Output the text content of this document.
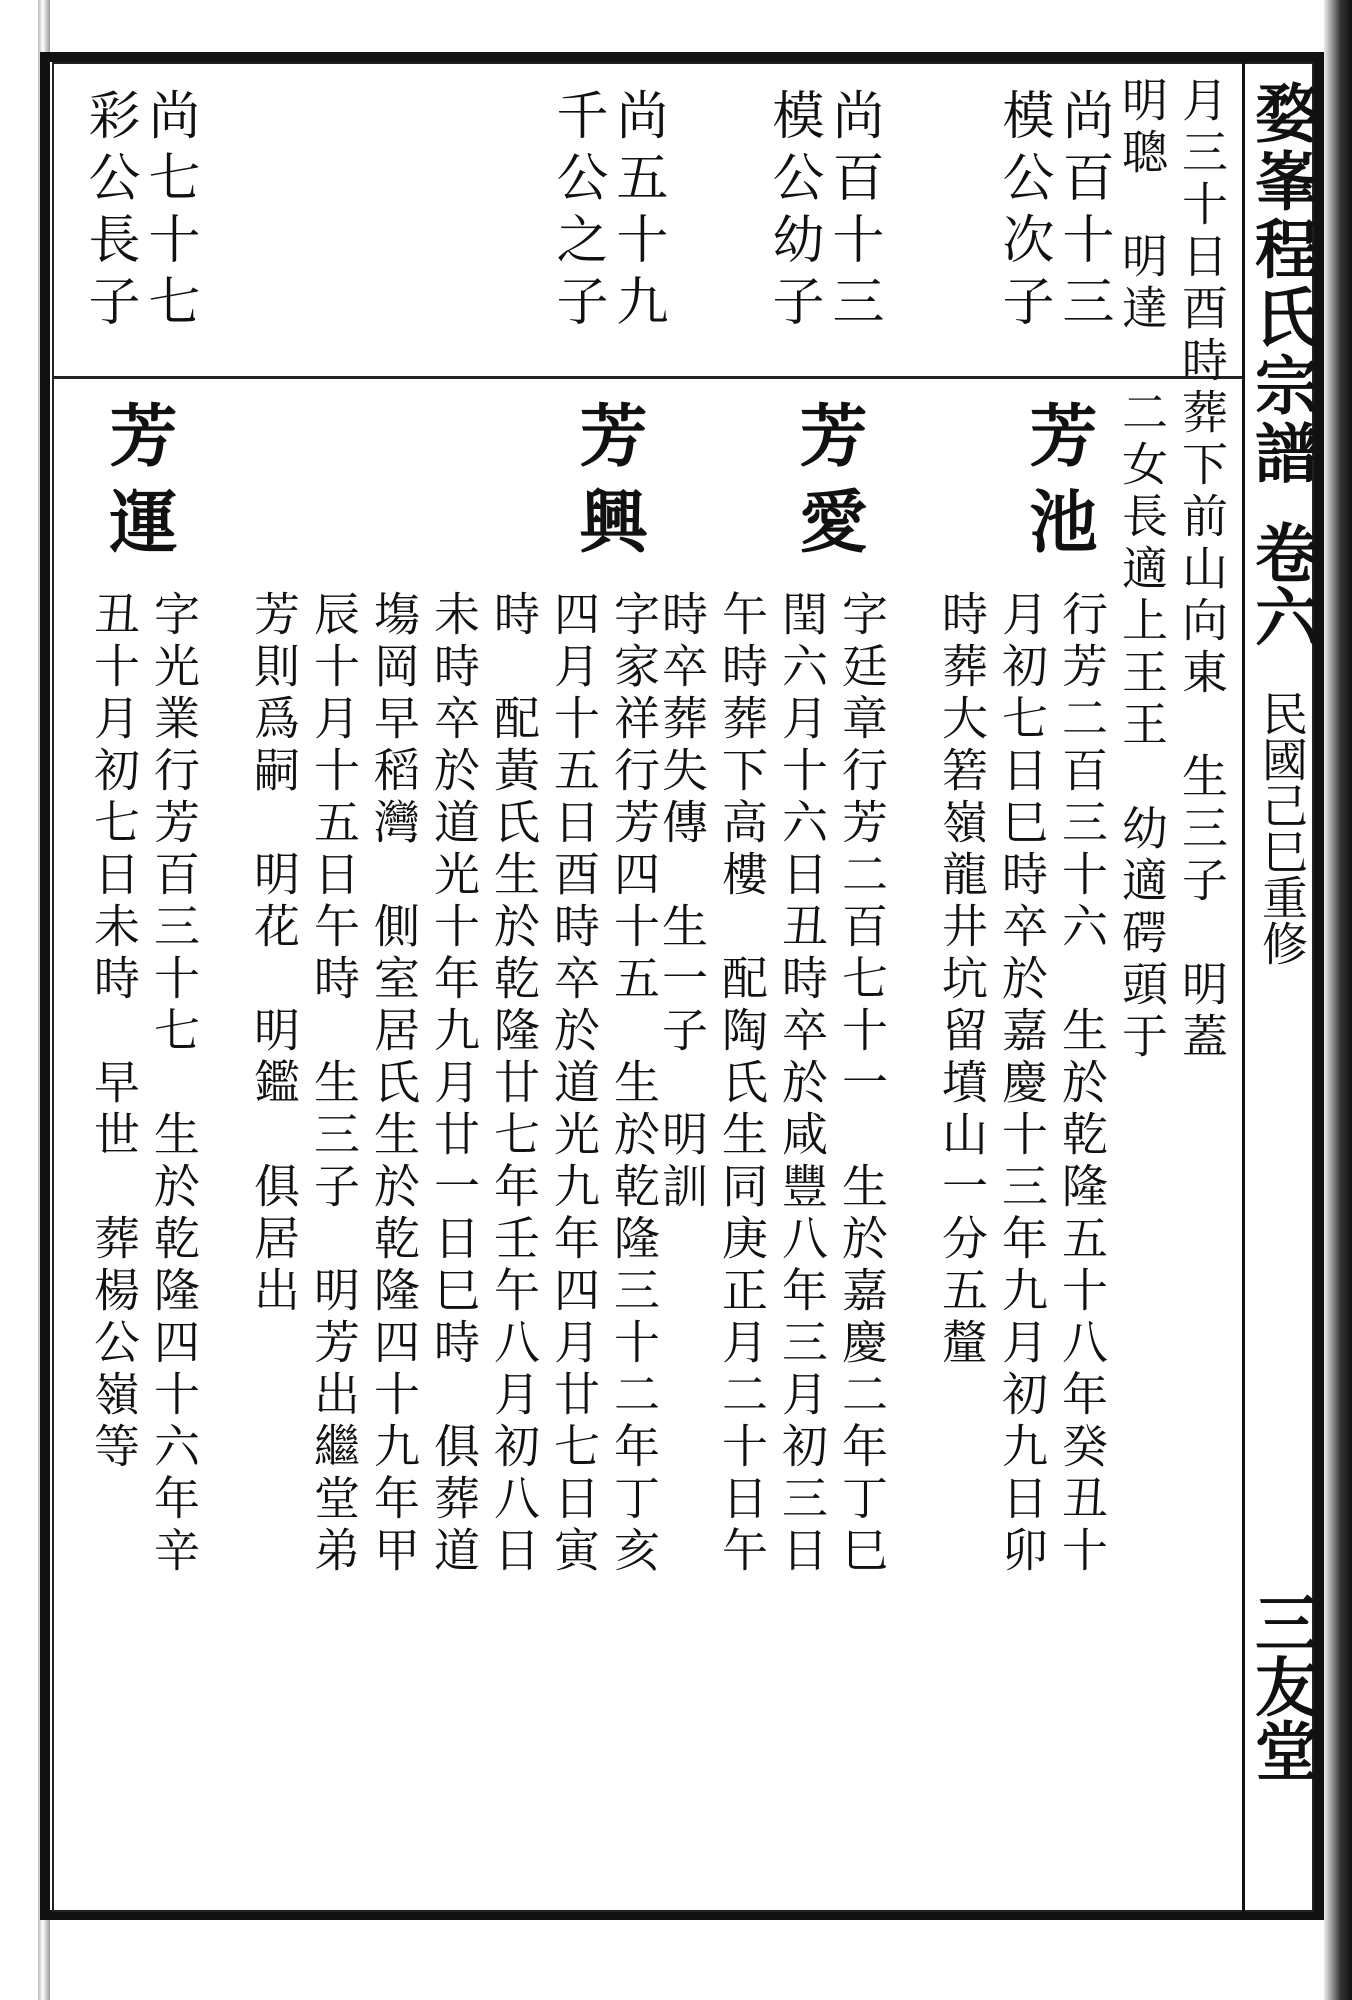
婺峯程氏宗譜
卷六
民國己巳重修
三友堂
月三十日酉時葬下前山向東　生三子　明蓋
明聰　明達　二女長適上王王　幼適𥔲頭于
尚百十三
模公次子
芳池
行芳二百三十六　生於乾隆五十八年癸丑十
月初七日巳時卒於嘉慶十三年九月初九日卯
時葬大箬嶺龍井坑留墳山一分五釐
尚百十三
模公幼子
芳愛
字廷章行芳二百七十一　生於嘉慶二年丁巳
閏六月十六日丑時卒於咸豐八年三月初三日
午時葬下高樓　配陶氏生同庚正月二十日午
時卒葬失傳　生一子　明訓
尚五十九
千公之子
芳興
字家祥行芳四十五　生於乾隆三十二年丁亥
四月十五日酉時卒於道光九年四月廿七日寅
時　配黃氏生於乾隆廿七年壬午八月初八日
未時卒於道光十年九月廿一日巳時　俱葬道
塲岡早稻灣　側室居氏生於乾隆四十九年甲
辰十月十五日午時　生三子　明芳出繼堂弟
芳則爲嗣　明花　明鑑　俱居出
尚七十七
彩公長子
芳運
字光業行芳百三十七　生於乾隆四十六年辛
丑十月初七日未時　早世　葬楊公嶺等
